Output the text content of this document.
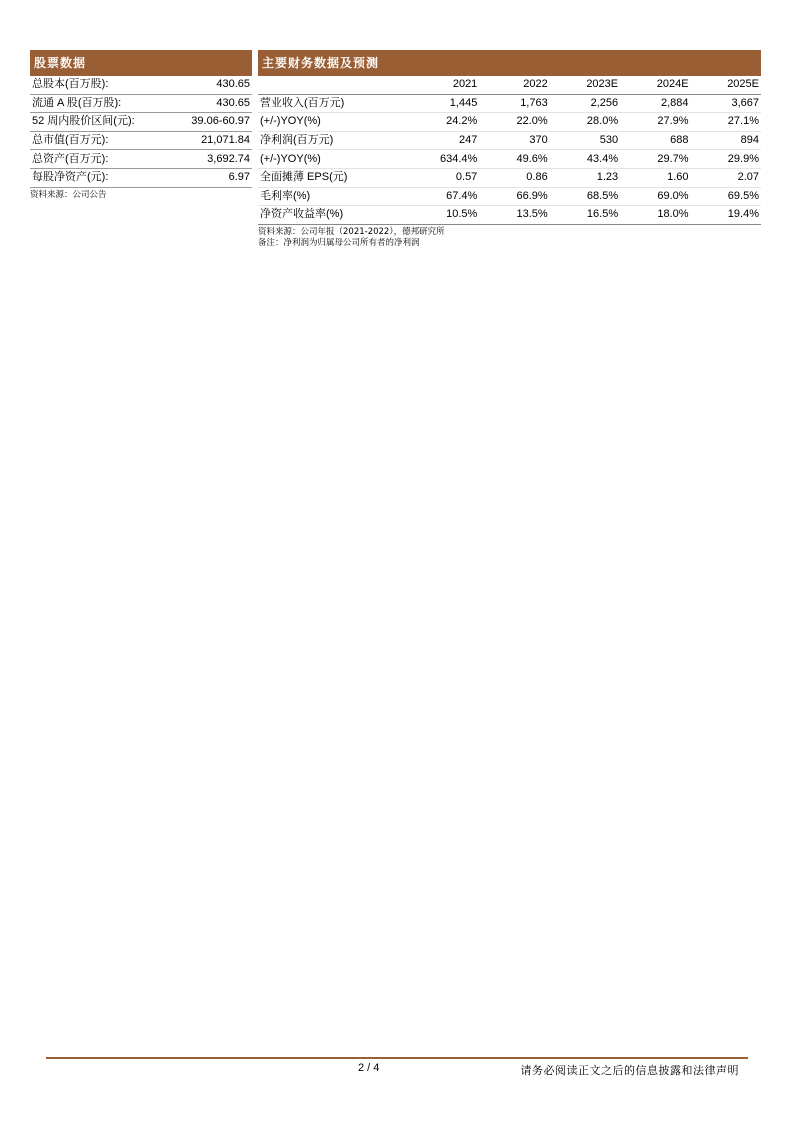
股票数据
总股本(百万股):	430.65
流通 A 股(百万股):	430.65
52 周内股价区间(元):	39.06-60.97
总市值(百万元):	21,071.84
总资产(百万元):	3,692.74
每股净资产(元):	6.97
资料来源：公司公告
主要财务数据及预测
	2021	2022	2023E	2024E	2025E
营业收入(百万元)	1,445	1,763	2,256	2,884	3,667
(+/-)YOY(%)	24.2%	22.0%	28.0%	27.9%	27.1%
净利润(百万元)	247	370	530	688	894
(+/-)YOY(%)	634.4%	49.6%	43.4%	29.7%	29.9%
全面摊薄 EPS(元)	0.57	0.86	1.23	1.60	2.07
毛利率(%)	67.4%	66.9%	68.5%	69.0%	69.5%
净资产收益率(%)	10.5%	13.5%	16.5%	18.0%	19.4%
资料来源：公司年报（2021-2022），德邦研究所
备注：净利润为归属母公司所有者的净利润
2 / 4	请务必阅读正文之后的信息披露和法律声明
